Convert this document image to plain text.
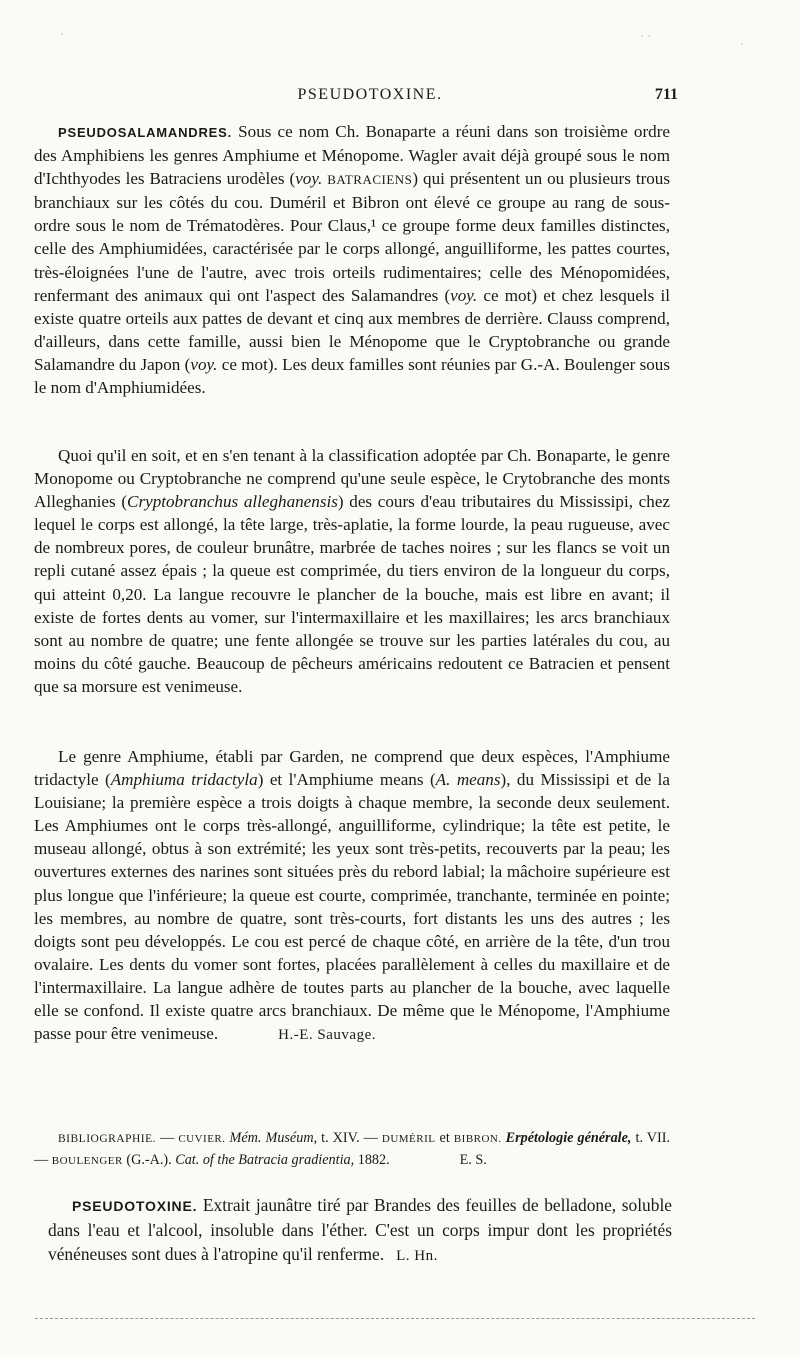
PSEUDOTOXINE.	711

PSEUDOSALAMANDRES. Sous ce nom Ch. Bonaparte a réuni dans son troisième ordre des Amphibiens les genres Amphiume et Ménopome. Wagler avait déjà groupé sous le nom d'Ichthyodes les Batraciens urodèles (voy. BATRACIENS) qui présentent un ou plusieurs trous branchiaux sur les côtés du cou. Duméril et Bibron ont élevé ce groupe au rang de sous-ordre sous le nom de Trématodères. Pour Claus,¹ ce groupe forme deux familles distinctes, celle des Amphiumidées, caractérisée par le corps allongé, anguilliforme, les pattes courtes, très-éloignées l'une de l'autre, avec trois orteils rudimentaires; celle des Ménopomidées, renfermant des animaux qui ont l'aspect des Salamandres (voy. ce mot) et chez lesquels il existe quatre orteils aux pattes de devant et cinq aux membres de derrière. Clauss comprend, d'ailleurs, dans cette famille, aussi bien le Ménopome que le Cryptobranche ou grande Salamandre du Japon (voy. ce mot). Les deux familles sont réunies par G.-A. Boulenger sous le nom d'Amphiumidées.

Quoi qu'il en soit, et en s'en tenant à la classification adoptée par Ch. Bonaparte, le genre Monopome ou Cryptobranche ne comprend qu'une seule espèce, le Crytobranche des monts Alleghanies (Cryptobranchus alleghanensis) des cours d'eau tributaires du Mississipi, chez lequel le corps est allongé, la tête large, très-aplatie, la forme lourde, la peau rugueuse, avec de nombreux pores, de couleur brunâtre, marbrée de taches noires ; sur les flancs se voit un repli cutané assez épais ; la queue est comprimée, du tiers environ de la longueur du corps, qui atteint 0,20. La langue recouvre le plancher de la bouche, mais est libre en avant; il existe de fortes dents au vomer, sur l'intermaxillaire et les maxillaires; les arcs branchiaux sont au nombre de quatre; une fente allongée se trouve sur les parties latérales du cou, au moins du côté gauche. Beaucoup de pêcheurs américains redoutent ce Batracien et pensent que sa morsure est venimeuse.

Le genre Amphiume, établi par Garden, ne comprend que deux espèces, l'Amphiume tridactyle (Amphiuma tridactyla) et l'Amphiume means (A. means), du Mississipi et de la Louisiane; la première espèce a trois doigts à chaque membre, la seconde deux seulement. Les Amphiumes ont le corps très-allongé, anguilliforme, cylindrique; la tête est petite, le museau allongé, obtus à son extrémité; les yeux sont très-petits, recouverts par la peau; les ouvertures externes des narines sont situées près du rebord labial; la mâchoire supérieure est plus longue que l'inférieure; la queue est courte, comprimée, tranchante, terminée en pointe; les membres, au nombre de quatre, sont très-courts, fort distants les uns des autres ; les doigts sont peu développés. Le cou est percé de chaque côté, en arrière de la tête, d'un trou ovalaire. Les dents du vomer sont fortes, placées parallèlement à celles du maxillaire et de l'intermaxillaire. La langue adhère de toutes parts au plancher de la bouche, avec laquelle elle se confond. Il existe quatre arcs branchiaux. De même que le Ménopome, l'Amphiume passe pour être venimeuse.	H.-E. Sauvage.

BIBLIOGRAPHIE. — CUVIER. Mém. Muséum, t. XIV. — DUMÉRIL et BIBRON. Erpétologie générale, t. VII. — BOULENGER (G.-A.). Cat. of the Batracia gradientia, 1882.	E. S.

PSEUDOTOXINE. Extrait jaunâtre tiré par Brandes des feuilles de belladone, soluble dans l'eau et l'alcool, insoluble dans l'éther. C'est un corps impur dont les propriétés vénéneuses sont dues à l'atropine qu'il renferme. L. Hn.

˙	˙ ˙
˙
